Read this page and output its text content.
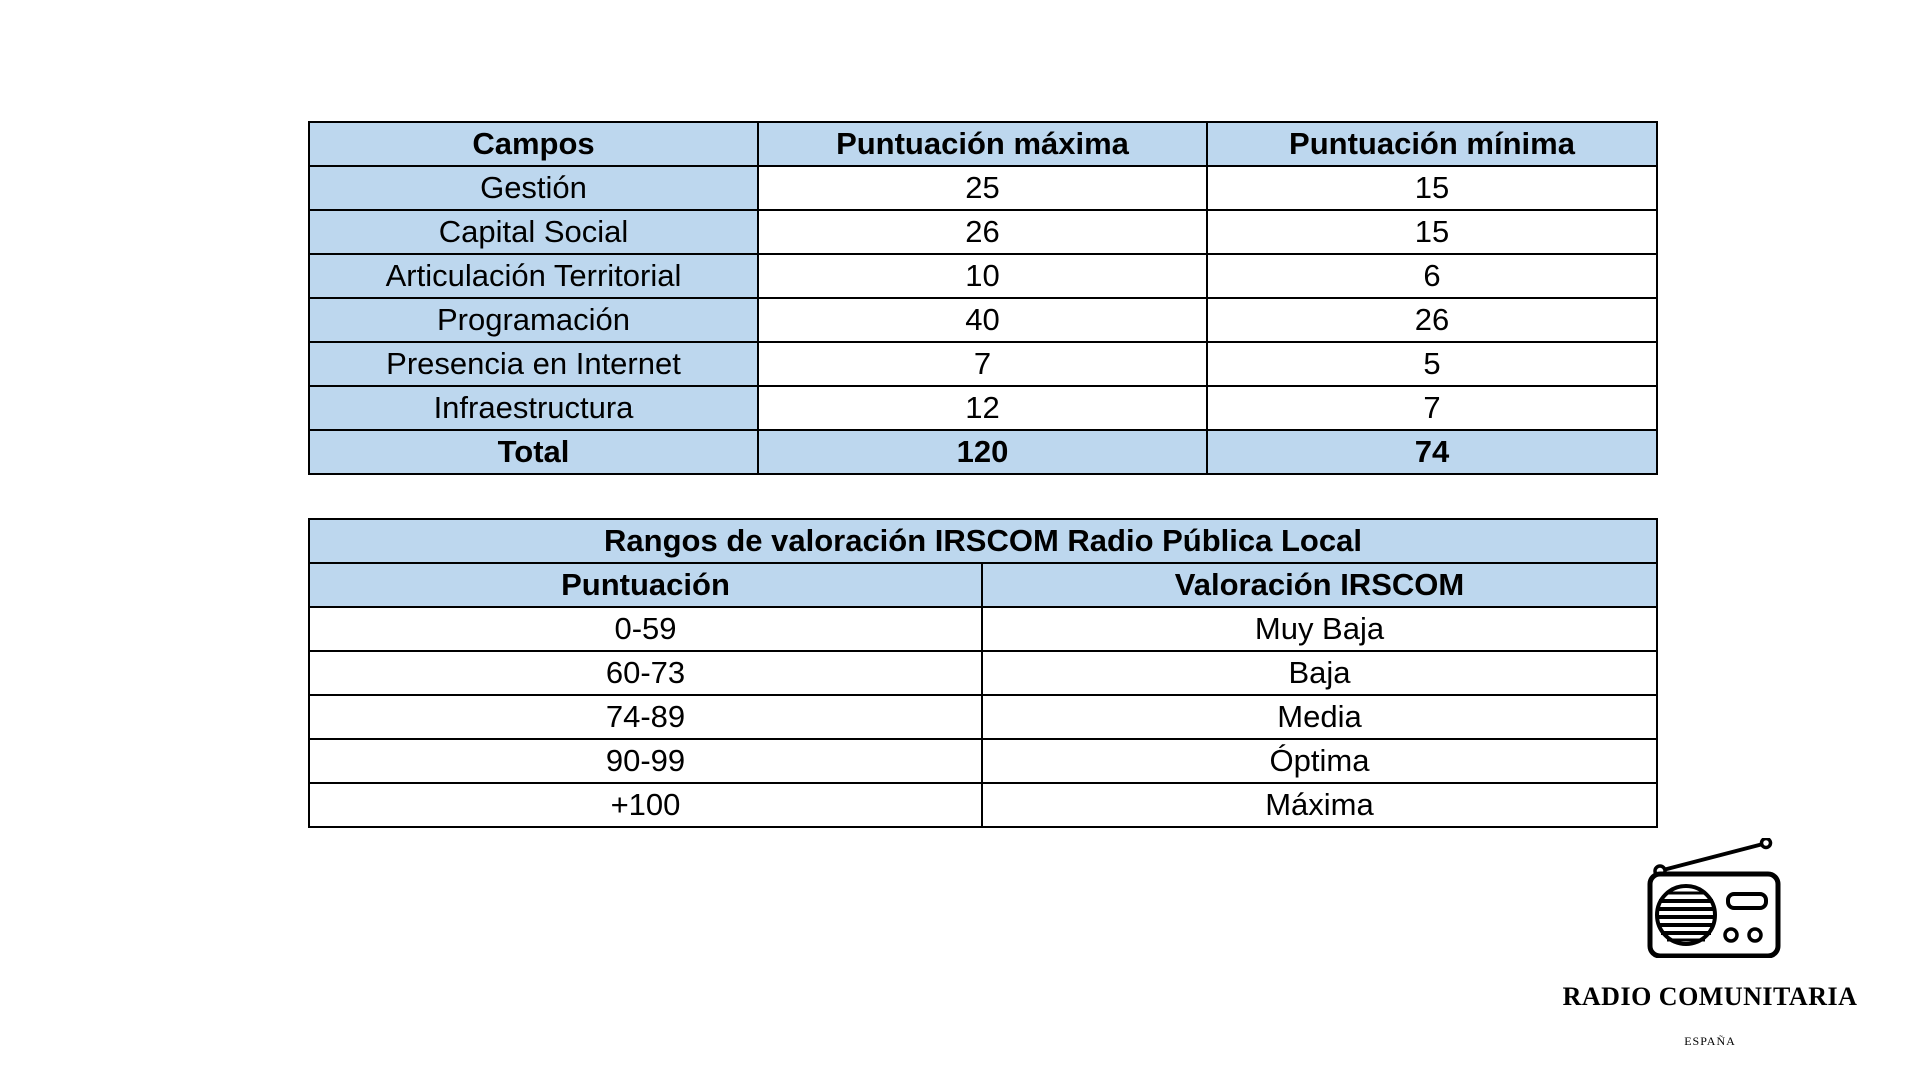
Campos	Puntuación máxima	Puntuación mínima
Gestión	25	15
Capital Social	26	15
Articulación Territorial	10	6
Programación	40	26
Presencia en Internet	7	5
Infraestructura	12	7
Total	120	74
Rangos de valoración IRSCOM Radio Pública Local	
Puntuación	Valoración IRSCOM
0-59	Muy Baja
60-73	Baja
74-89	Media
90-99	Óptima
+100	Máxima
RADIO COMUNITARIA
ESPAÑA
